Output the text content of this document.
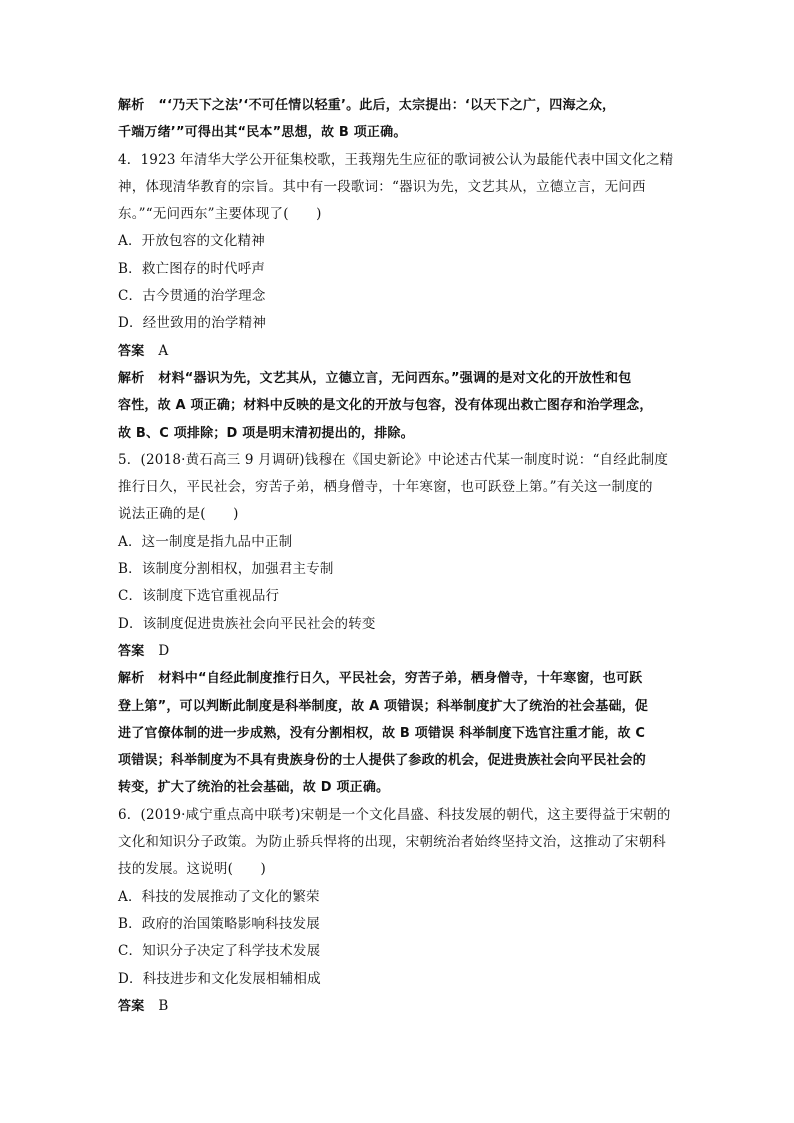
解析 “‘乃天下之法’‘不可任情以轻重’。此后，太宗提出：‘以天下之广，四海之众，
千端万绪’”可得出其“民本”思想，故 B 项正确。
4．1923 年清华大学公开征集校歌，王莪翔先生应征的歌词被公认为最能代表中国文化之精
神，体现清华教育的宗旨。其中有一段歌词：“器识为先，文艺其从，立德立言，无问西
东。”“无问西东”主要体现了(　　)
A．开放包容的文化精神
B．救亡图存的时代呼声
C．古今贯通的治学理念
D．经世致用的治学精神
答案 A
解析 材料“器识为先，文艺其从，立德立言，无问西东。”强调的是对文化的开放性和包
容性，故 A 项正确；材料中反映的是文化的开放与包容，没有体现出救亡图存和治学理念，
故 B、C 项排除；D 项是明末清初提出的，排除。
5．(2018·黄石高三 9 月调研)钱穆在《国史新论》中论述古代某一制度时说：“自经此制度
推行日久，平民社会，穷苦子弟，栖身僧寺，十年寒窗，也可跃登上第。”有关这一制度的
说法正确的是(　　)
A．这一制度是指九品中正制
B．该制度分割相权，加强君主专制
C．该制度下选官重视品行
D．该制度促进贵族社会向平民社会的转变
答案 D
解析 材料中“自经此制度推行日久，平民社会，穷苦子弟，栖身僧寺，十年寒窗，也可跃
登上第”，可以判断此制度是科举制度，故 A 项错误；科举制度扩大了统治的社会基础，促
进了官僚体制的进一步成熟，没有分割相权，故 B 项错误 科举制度下选官注重才能，故 C
项错误；科举制度为不具有贵族身份的士人提供了参政的机会，促进贵族社会向平民社会的
转变，扩大了统治的社会基础，故 D 项正确。
6．(2019·咸宁重点高中联考)宋朝是一个文化昌盛、科技发展的朝代，这主要得益于宋朝的
文化和知识分子政策。为防止骄兵悍将的出现，宋朝统治者始终坚持文治，这推动了宋朝科
技的发展。这说明(　　)
A．科技的发展推动了文化的繁荣
B．政府的治国策略影响科技发展
C．知识分子决定了科学技术发展
D．科技进步和文化发展相辅相成
答案 B
